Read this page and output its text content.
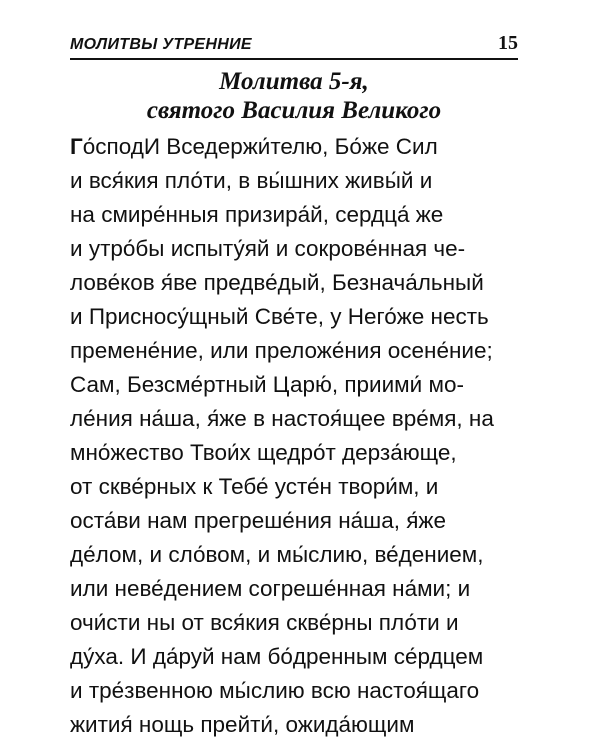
МОЛИТВЫ УТРЕННИЕ	15
Молитва 5-я,
святого Василия Великого
Го́сподИ Вседержи́телю, Бо́же Сил
и вся́кия пло́ти, в вы́шних живы́й и
на смире́нныя призира́й, сердца́ же
и утро́бы испыту́яй и сокрове́нная че-
лове́ков я́ве предве́дый, Безнача́льный
и Присносу́щный Све́те, у Него́же несть
премене́ние, или преложе́ния осене́ние;
Сам, Безсме́ртный Царю́, приими́ мо-
ле́ния на́ша, я́же в настоя́щее вре́мя, на
мно́жество Твои́х щедро́т дерза́юще,
от скве́рных к Тебе́ усте́н твори́м, и
оста́ви нам прегреше́ния на́ша, я́же
де́лом, и сло́вом, и мы́слию, ве́дением,
или неве́дением согреше́нная на́ми; и
очи́сти ны от вся́кия скве́рны пло́ти и
ду́ха. И да́руй нам бо́дренным се́рдцем
и тре́звенною мы́слию всю настоя́щаго
жития́ нощь прейти́, ожида́ющим
